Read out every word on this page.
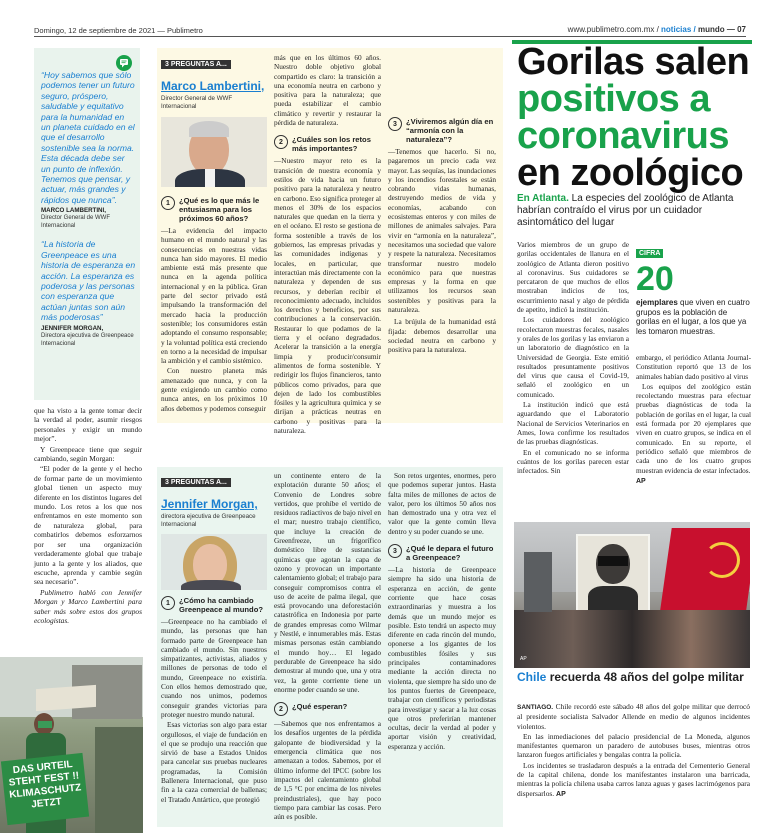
Domingo, 12 de septiembre de 2021 — Publimetro	www.publimetro.com.mx / noticias / mundo — 07
“Hoy sabemos que sólo podemos tener un futuro seguro, próspero, saludable y equitativo para la humanidad en un planeta cuidado en el que el desarrollo sostenible sea la norma. Esta década debe ser un punto de inflexión. Tenemos que pensar, y actuar, más grandes y rápidos que nunca”.
MARCO LAMBERTINI,
Director General de WWF Internacional
“La historia de Greenpeace es una historia de esperanza en acción. La esperanza es poderosa y las personas con esperanza que actúan juntas son aún más poderosas”
JENNIFER MORGAN,
Directora ejecutiva de Greenpeace Internacional

que ha visto a la gente tomar decir la verdad al poder, asumir riesgos personales y exigir un mundo mejor”.

Y Greenpeace tiene que seguir cambiando, según Morgan:

“El poder de la gente y el hecho de formar parte de un movimiento global tienen un aspecto muy diferente en los distintos lugares del mundo. Los retos a los que nos enfrentamos en este momento son de naturaleza global, para combatirlos debemos esforzarnos por ser una organización verdaderamente global que trabaje junto a la gente y los aliados, que escuche, aprenda y cambie según sea necesario”.

Publimetro habló con Jennifer Morgan y Marco Lambertini para saber más sobre estos dos grupos ecologistas.

DAS URTEIL STEHT FEST !! KLIMASCHUTZ JETZT
3 PREGUNTAS A...
Marco Lambertini,
Director General de WWF Internacional
1	¿Qué es lo que más le entusiasma para los próximos 60 años?

—La evidencia del impacto humano en el mundo natural y las consecuencias en nuestras vidas nunca han sido mayores. El medio ambiente está más presente que nunca en la agenda política internacional y en la pública. Gran parte del sector privado está impulsando la transformación del mercado hacia la producción sostenible; los consumidores están adoptando el consumo responsable; y la voluntad política está creciendo en torno a la necesidad de impulsar la ambición y el cambio sistémico.

Con nuestro planeta más amenazado que nunca, y con la gente exigiendo un cambio como nunca antes, en los próximos 10 años debemos y podemos conseguir

más que en los últimos 60 años. Nuestro doble objetivo global compartido es claro: la transición a una economía neutra en carbono y positiva para la naturaleza; que pueda estabilizar el cambio climático y revertir y restaurar la pérdida de naturaleza.

2	¿Cuáles son los retos más importantes?

—Nuestro mayor reto es la transición de nuestra economía y estilos de vida hacia un futuro positivo para la naturaleza y neutro en carbono. Eso significa proteger al menos el 30% de los espacios naturales que quedan en la tierra y en el océano. El resto se gestiona de forma sostenible a través de los gobiernos, las empresas privadas y las comunidades indígenas y locales, en particular, que interactúan más directamente con la naturaleza y dependen de sus recursos, y deberían recibir el reconocimiento adecuado, incluidos los derechos y beneficios, por sus contribuciones a la conservación. Restaurar lo que podamos de la tierra y el océano degradados. Acelerar la transición a la energía limpia y producir/consumir alimentos de forma sostenible. Y redirigir los flujos financieros, tanto públicos como privados, para que dejen de lado los combustibles fósiles y la agricultura química y se dirijan a prácticas neutras en carbono y positivas para la naturaleza.

3	¿Viviremos algún día en “armonía con la naturaleza”?

—Tenemos que hacerlo. Si no, pagaremos un precio cada vez mayor. Las sequías, las inundaciones y los incendios forestales se están cobrando vidas humanas, destruyendo medios de vida y economías, acabando con ecosistemas enteros y con miles de millones de animales salvajes. Para vivir en “armonía en la naturaleza”, necesitamos una sociedad que valore y respete la naturaleza. Necesitamos transformar nuestro modelo económico para que nuestras empresas y la forma en que utilizamos los recursos sean sostenibles y positivas para la naturaleza.

La brújula de la humanidad está fijada: debemos desarrollar una sociedad neutra en carbono y positiva para la naturaleza.

3 PREGUNTAS A...
Jennifer Morgan,
directora ejecutiva de Greenpeace Internacional
1	¿Cómo ha cambiado Greenpeace al mundo?

—Greenpeace no ha cambiado el mundo, las personas que han formado parte de Greenpeace han cambiado el mundo. Sin nuestros simpatizantes, activistas, aliados y millones de personas de todo el mundo, Greenpeace no existiría. Con ellos hemos demostrado que, cuando nos unimos, podemos conseguir grandes victorias para proteger nuestro mundo natural.

Esas victorias son algo para estar orgullosos, el viaje de fundación en el que se produjo una reacción que sirvió de base a Estados Unidos para cancelar sus pruebas nucleares programadas, la Comisión Ballenera Internacional, que puso fin a la caza comercial de ballenas; el Tratado Antártico, que protegió

un continente entero de la explotación durante 50 años; el Convenio de Londres sobre vertidos, que prohíbe el vertido de residuos radiactivos de bajo nivel en el mar; nuestro trabajo científico, que incluye la creación de Greenfreeze, un frigorífico doméstico libre de sustancias químicas que agotan la capa de ozono y provocan un importante calentamiento global; el trabajo para conseguir compromisos contra el uso de aceite de palma ilegal, que está provocando una deforestación catastrófica en Indonesia por parte de grandes empresas como Wilmar y Nestlé, e innumerables más. Estas mismas personas están cambiando el mundo hoy… El legado perdurable de Greenpeace ha sido demostrar al mundo que, una y otra vez, la gente corriente tiene un enorme poder cuando se une.

2	¿Qué esperan?

—Sabemos que nos enfrentamos a los desafíos urgentes de la pérdida galopante de biodiversidad y la emergencia climática que nos amenazan a todos. Sabemos, por el último informe del IPCC (sobre los impactos del calentamiento global de 1,5 °C por encima de los niveles preindustriales), que hay poco tiempo para cambiar las cosas. Pero aún es posible.

Son retos urgentes, enormes, pero que podemos superar juntos. Hasta falta miles de millones de actos de valor, pero los últimos 50 años nos han demostrado una y otra vez el valor que la gente común lleva dentro y su poder cuando se une.

3	¿Qué le depara el futuro a Greenpeace?

—La historia de Greenpeace siempre ha sido una historia de esperanza en acción, de gente corriente que hace cosas extraordinarias y muestra a los demás que un mundo mejor es posible. Esto tendrá un aspecto muy diferente en cada rincón del mundo, oponerse a los gigantes de los combustibles fósiles y sus principales contaminadores mediante la acción directa no violenta, que siempre ha sido uno de los puntos fuertes de Greenpeace, trabajar con científicos y periodistas para investigar y sacar a la luz cosas que otros preferirían mantener ocultas, decir la verdad al poder y aportar visión y creatividad, esperanza y acción.

Gorilas salen
positivos a
coronavirus
en zoológico
En Atlanta. La especies del zoológico de Atlanta habrían contraído el virus por un cuidador asintomático del lugar

Varios miembros de un grupo de gorilas occidentales de llanura en el zoológico de Atlanta dieron positivo al coronavirus. Sus cuidadores se percataron de que muchos de ellos mostraban indicios de tos, escurrimiento nasal y algo de pérdida de apetito, indicó la institución.

Los cuidadores del zoológico recolectaron muestras fecales, nasales y orales de los gorilas y las enviaron a un laboratorio de diagnóstico en la Universidad de Georgia. Este emitió resultados presuntamente positivos del virus que causa el Covid-19, señaló el zoológico en un comunicado.

La institución indicó que está aguardando que el Laboratorio Nacional de Servicios Veterinarios en Ames, Iowa confirme los resultados de las pruebas diagnósticas.

En el comunicado no se informa cuántos de los gorilas parecen estar infectados. Sin

CIFRA
20
ejemplares que viven en cuatro grupos es la población de gorilas en el lugar, a los que ya les tomaron muestras.

embargo, el periódico Atlanta Journal-Constitution reportó que 13 de los animales habían dado positivo al virus

Los equipos del zoológico están recolectando muestras para efectuar pruebas diagnósticas de toda la población de gorilas en el lugar, la cual está formada por 20 ejemplares que viven en cuatro grupos, se indica en el comunicado. En su reporte, el periódico señaló que miembros de cada uno de los cuatro grupos muestran evidencia de estar infectados.

AP
AP
Chile recuerda 48 años del golpe militar

SANTIAGO. Chile recordó este sábado 48 años del golpe militar que derrocó al presidente socialista Salvador Allende en medio de algunos incidentes violentos.

En las inmediaciones del palacio presidencial de La Moneda, algunos manifestantes quemaron un paradero de autobuses buses, mientras otros lanzaron fuegos artificiales y bengalas contra la policía.

Los incidentes se trasladaron después a la entrada del Cementerio General de la capital chilena, donde los manifestantes instalaron una barricada, mientras la policía chilena usaba carros lanza aguas y gases lacrimógenos para dispersarlos. AP
